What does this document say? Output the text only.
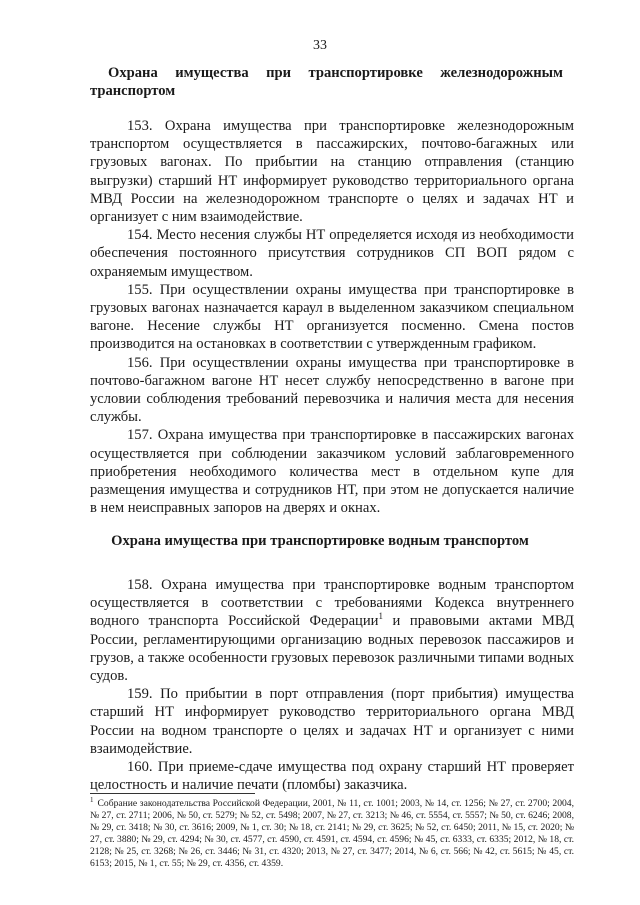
33
Охрана имущества при транспортировке железнодорожным
транспортом

153. Охрана имущества при транспортировке железнодорожным транспортом осуществляется в пассажирских, почтово-багажных или грузовых вагонах. По прибытии на станцию отправления (станцию выгрузки) старший НТ информирует руководство территориального органа МВД России на железнодорожном транспорте о целях и задачах НТ и организует с ним взаимодействие.

154. Место несения службы НТ определяется исходя из необходимости обеспечения постоянного присутствия сотрудников СП ВОП рядом с охраняемым имуществом.

155. При осуществлении охраны имущества при транспортировке в грузовых вагонах назначается караул в выделенном заказчиком специальном вагоне. Несение службы НТ организуется посменно. Смена постов производится на остановках в соответствии с утвержденным графиком.

156. При осуществлении охраны имущества при транспортировке в почтово-багажном вагоне НТ несет службу непосредственно в вагоне при условии соблюдения требований перевозчика и наличия места для несения службы.

157. Охрана имущества при транспортировке в пассажирских вагонах осуществляется при соблюдении заказчиком условий заблаговременного приобретения необходимого количества мест в отдельном купе для размещения имущества и сотрудников НТ, при этом не допускается наличие в нем неисправных запоров на дверях и окнах.

Охрана имущества при транспортировке водным транспортом

158. Охрана имущества при транспортировке водным транспортом осуществляется в соответствии с требованиями Кодекса внутреннего водного транспорта Российской Федерации$^1$ и правовыми актами МВД России, регламентирующими организацию водных перевозок пассажиров и грузов, а также особенности грузовых перевозок различными типами водных судов.

159. По прибытии в порт отправления (порт прибытия) имущества старший НТ информирует руководство территориального органа МВД России на водном транспорте о целях и задачах НТ и организует с ними взаимодействие.

160. При приеме-сдаче имущества под охрану старший НТ проверяет целостность и наличие печати (пломбы) заказчика.

$^1$ Собрание законодательства Российской Федерации, 2001, № 11, ст. 1001; 2003, № 14, ст. 1256; № 27, ст. 2700; 2004, № 27, ст. 2711; 2006, № 50, ст. 5279; № 52, ст. 5498; 2007, № 27, ст. 3213; № 46, ст. 5554, ст. 5557; № 50, ст. 6246; 2008, № 29, ст. 3418; № 30, ст. 3616; 2009, № 1, ст. 30; № 18, ст. 2141; № 29, ст. 3625; № 52, ст. 6450; 2011, № 15, ст. 2020; № 27, ст. 3880; № 29, ст. 4294; № 30, ст. 4577, ст. 4590, ст. 4591, ст. 4594, ст. 4596; № 45, ст. 6333, ст. 6335; 2012, № 18, ст. 2128; № 25, ст. 3268; № 26, ст. 3446; № 31, ст. 4320; 2013, № 27, ст. 3477; 2014, № 6, ст. 566; № 42, ст. 5615; № 45, ст. 6153; 2015, № 1, ст. 55; № 29, ст. 4356, ст. 4359.
